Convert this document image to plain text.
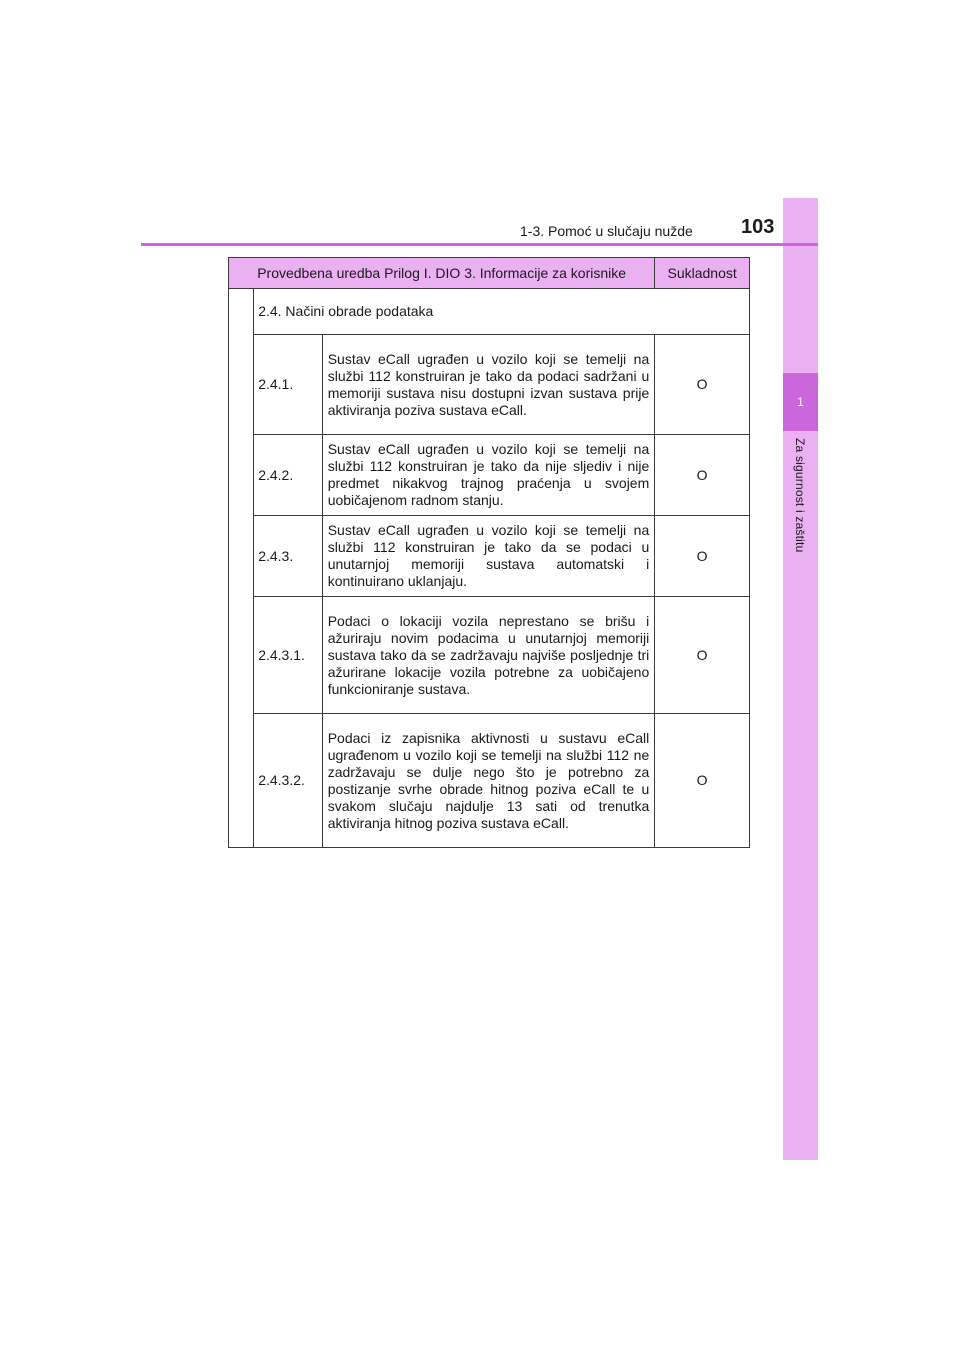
1
Za sigurnost i zaštitu
1-3. Pomoć u slučaju nužde 103
Provedbena uredba Prilog I. DIO 3. Informacije za korisnike			Sukladnost
	2.4. Načini obrade podataka		
	2.4.1.	Sustav eCall ugrađen u vozilo koji se temelji na službi 112 konstruiran je tako da podaci sadržani u memoriji sustava nisu dostupni izvan sustava prije aktiviranja poziva sustava eCall.	O
	2.4.2.	Sustav eCall ugrađen u vozilo koji se temelji na službi 112 konstruiran je tako da nije sljediv i nije predmet nikakvog trajnog praćenja u svojem uobičajenom radnom stanju.	O
	2.4.3.	Sustav eCall ugrađen u vozilo koji se temelji na službi 112 konstruiran je tako da se podaci u unutarnjoj memoriji sustava automatski i kontinuirano uklanjaju.	O
	2.4.3.1.	Podaci o lokaciji vozila neprestano se brišu i ažuriraju novim podacima u unutarnjoj memoriji sustava tako da se zadržavaju najviše posljednje tri ažurirane lokacije vozila potrebne za uobičajeno funkcioniranje sustava.	O
	2.4.3.2.	Podaci iz zapisnika aktivnosti u sustavu eCall ugrađenom u vozilo koji se temelji na službi 112 ne zadržavaju se dulje nego što je potrebno za postizanje svrhe obrade hitnog poziva eCall te u svakom slučaju najdulje 13 sati od trenutka aktiviranja hitnog poziva sustava eCall.	O
